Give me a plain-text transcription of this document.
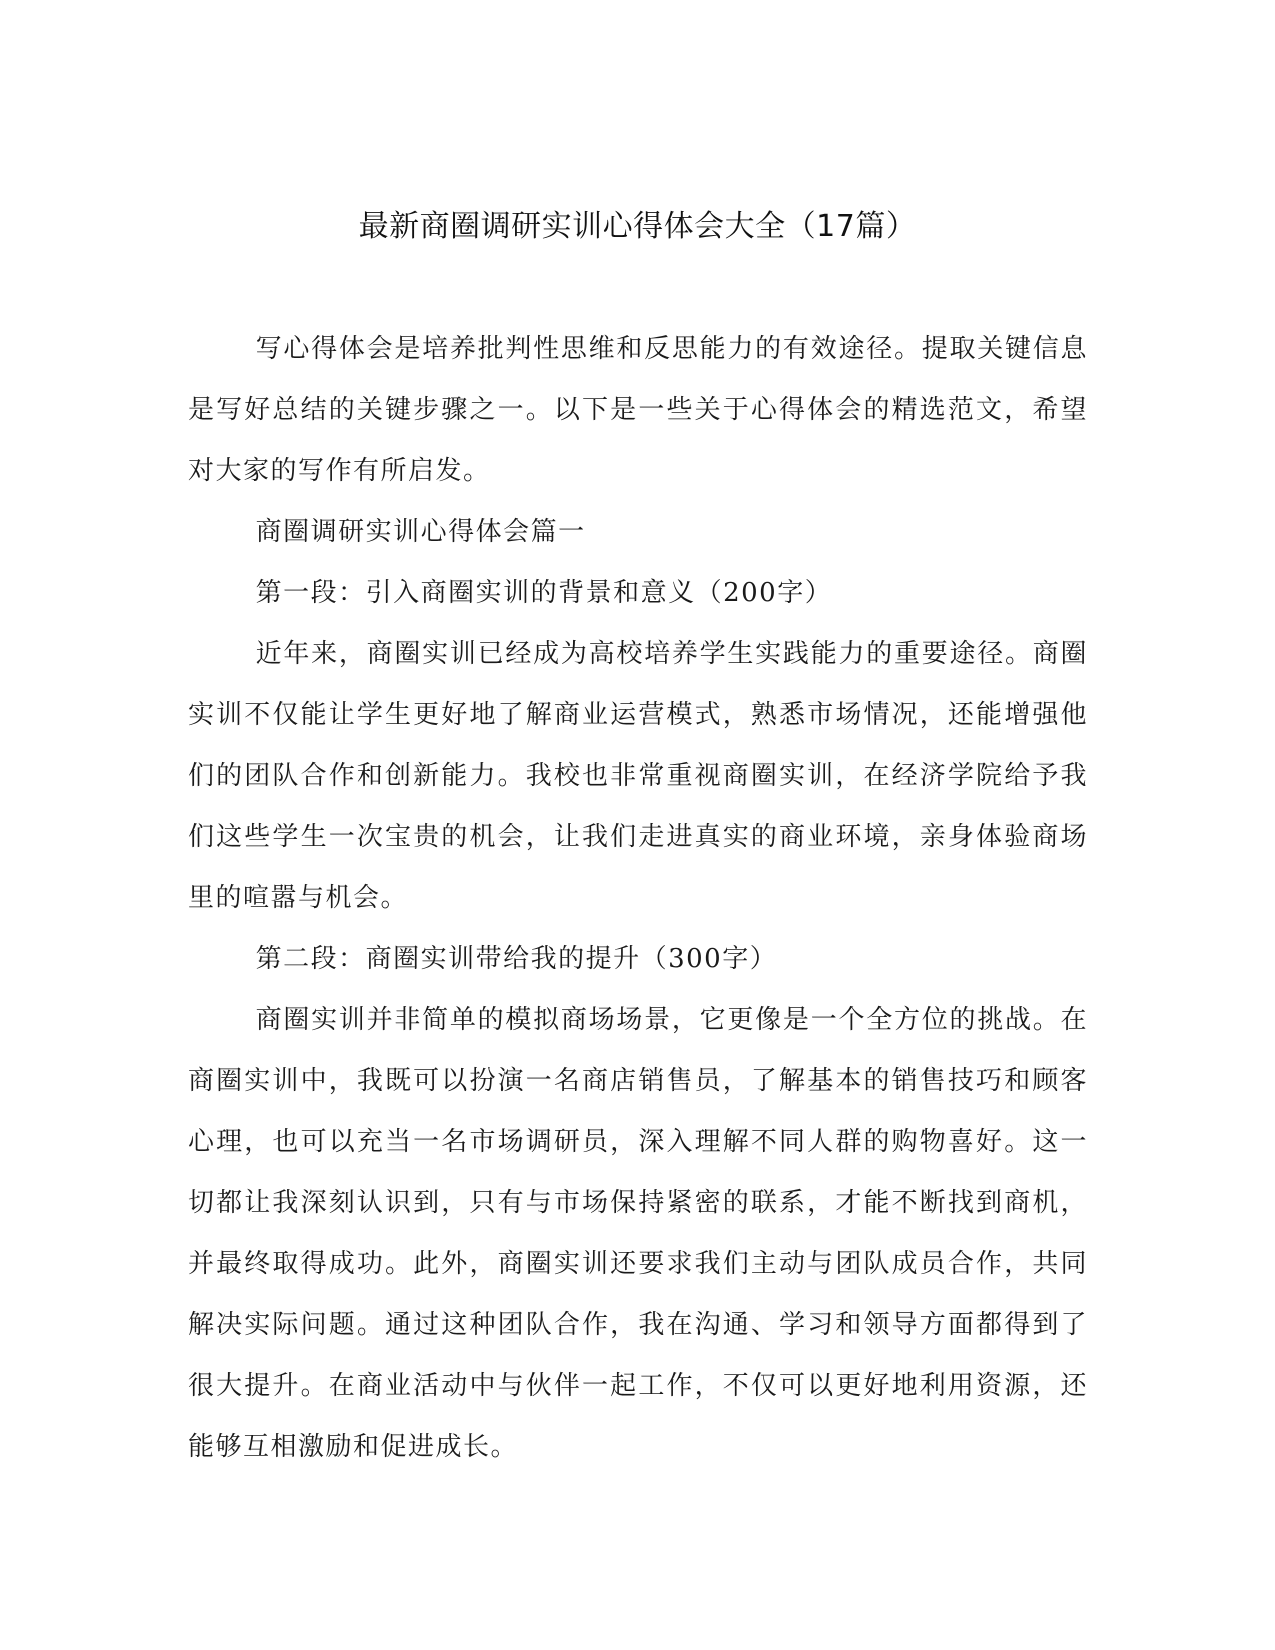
最新商圈调研实训心得体会大全（17篇）

写心得体会是培养批判性思维和反思能力的有效途径。提取关键信息是写好总结的关键步骤之一。以下是一些关于心得体会的精选范文，希望对大家的写作有所启发。

商圈调研实训心得体会篇一

第一段：引入商圈实训的背景和意义（200字）

近年来，商圈实训已经成为高校培养学生实践能力的重要途径。商圈实训不仅能让学生更好地了解商业运营模式，熟悉市场情况，还能增强他们的团队合作和创新能力。我校也非常重视商圈实训，在经济学院给予我们这些学生一次宝贵的机会，让我们走进真实的商业环境，亲身体验商场里的喧嚣与机会。

第二段：商圈实训带给我的提升（300字）

商圈实训并非简单的模拟商场场景，它更像是一个全方位的挑战。在商圈实训中，我既可以扮演一名商店销售员，了解基本的销售技巧和顾客心理，也可以充当一名市场调研员，深入理解不同人群的购物喜好。这一切都让我深刻认识到，只有与市场保持紧密的联系，才能不断找到商机，并最终取得成功。此外，商圈实训还要求我们主动与团队成员合作，共同解决实际问题。通过这种团队合作，我在沟通、学习和领导方面都得到了很大提升。在商业活动中与伙伴一起工作，不仅可以更好地利用资源，还能够互相激励和促进成长。
